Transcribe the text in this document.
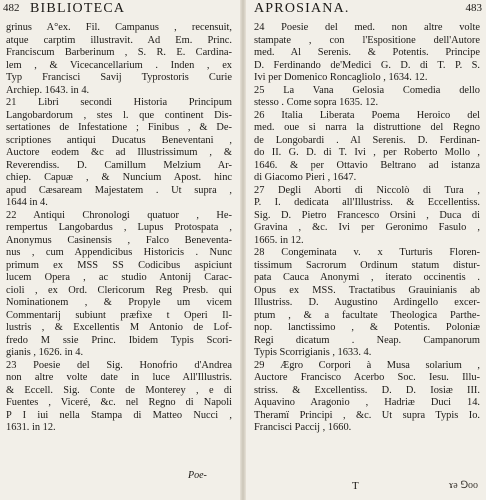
482 BIBLIOTECA
grinus A°ex. Fil. Campanus , recensuit,
atque carptim illustravit. Ad Em. Princ.
Franciscum Barberinum , S. R. E. Cardina-
lem , & Vicecancellarium . Inden , ex
Typ Francisci Savij Typrostoris Curie
Archiep. 1643. in 4.
21 Libri secondi Historia Principum
Langobardorum , stes l. que continent Dis-
sertationes de Infestatione ; Finibus , & De-
scriptiones antiqui Ducatus Beneventani ,
Auctore eodem &c ad Illustrissimum , &
Reverendiss. D. Camillum Melzium Ar-
chiep. Capuæ , & Nuncium Apost. hinc
apud Cæsaream Majestatem . Ut supra ,
1644 in 4.
22 Antiqui Chronologi quatuor , He-
rempertus Langobardus , Lupus Protospata ,
Anonymus Casinensis , Falco Beneventa-
nus , cum Appendicibus Historicis . Nunc
primum ex MSS SS Codicibus aspiciunt
lucem Opera , ac studio Antonij Carac-
cioli , ex Ord. Clericorum Reg Presb. qui
Nominationem , & Propyle um vicem
Commentarij subiunt præfixe t Operi Il-
lustris , & Excellentis M Antonio de Lof-
fredo M ssie Princ. Ibidem Typis Scori-
gianis , 1626. in 4.
23 Poesie del Sig. Honofrio d'Andrea
non altre volte date in luce All'Illustris.
& Eccell. Sig. Conte de Monterey , e di
Fuentes , Viceré, &c. nel Regno di Napoli
P I iui nella Stampa di Matteo Nucci ,
1631. in 12.
Poe-
APROSIANA.	483
24 Poesie del med. non altre volte
stampate , con l'Espositione dell'Autore
med. Al Serenis. & Potentis. Principe
D. Ferdinando de'Medici G. D. di T. P. S.
Ivi per Domenico Roncagliolo , 1634. 12.
25 La Vana Gelosia Comedia dello
stesso . Come sopra 1635. 12.
26 Italia Liberata Poema Heroico del
med. oue si narra la distruttione del Regno
de Longobardi . Al Serenis. D. Ferdinan-
do II. G. D. di T. Ivi , per Roberto Mollo ,
1646. & per Ottavio Beltrano ad istanza
di Giacomo Pieri , 1647.
27 Degli Aborti di Niccolò di Tura ,
P. I. dedicata all'Illustriss. & Eccellentiss.
Sig. D. Pietro Francesco Orsini , Duca di
Gravina , &c. Ivi per Geronimo Fasulo ,
1665. in 12.
28 Congeminata v. x Turturis Floren-
tissimum Sacrorum Ordinum statum distur-
pata Cauca Anonymi , iterato occinentis .
Opus ex MSS. Tractatibus Grauinianis ab
Illustriss. D. Augustino Ardingello excer-
ptum , & a facultate Theologica Parthe-
nop. lanctissimo , & Potentis. Poloniæ
Regi dicatum . Neap. Campanorum
Typis Scorrigianis , 1633. 4.
29 Ægro Corpori à Musa solarium ,
Auctore Francisco Acerbo Soc. Iesu. Illu-
striss. & Excellentiss. D. D. Iosiæ III.
Aquavino Aragonio , Hadriæ Duci 14.
Theramï Principi , &c. Ut supra Typis Io.
Francisci Paccij , 1660.
T	ɤə ⅁oo
